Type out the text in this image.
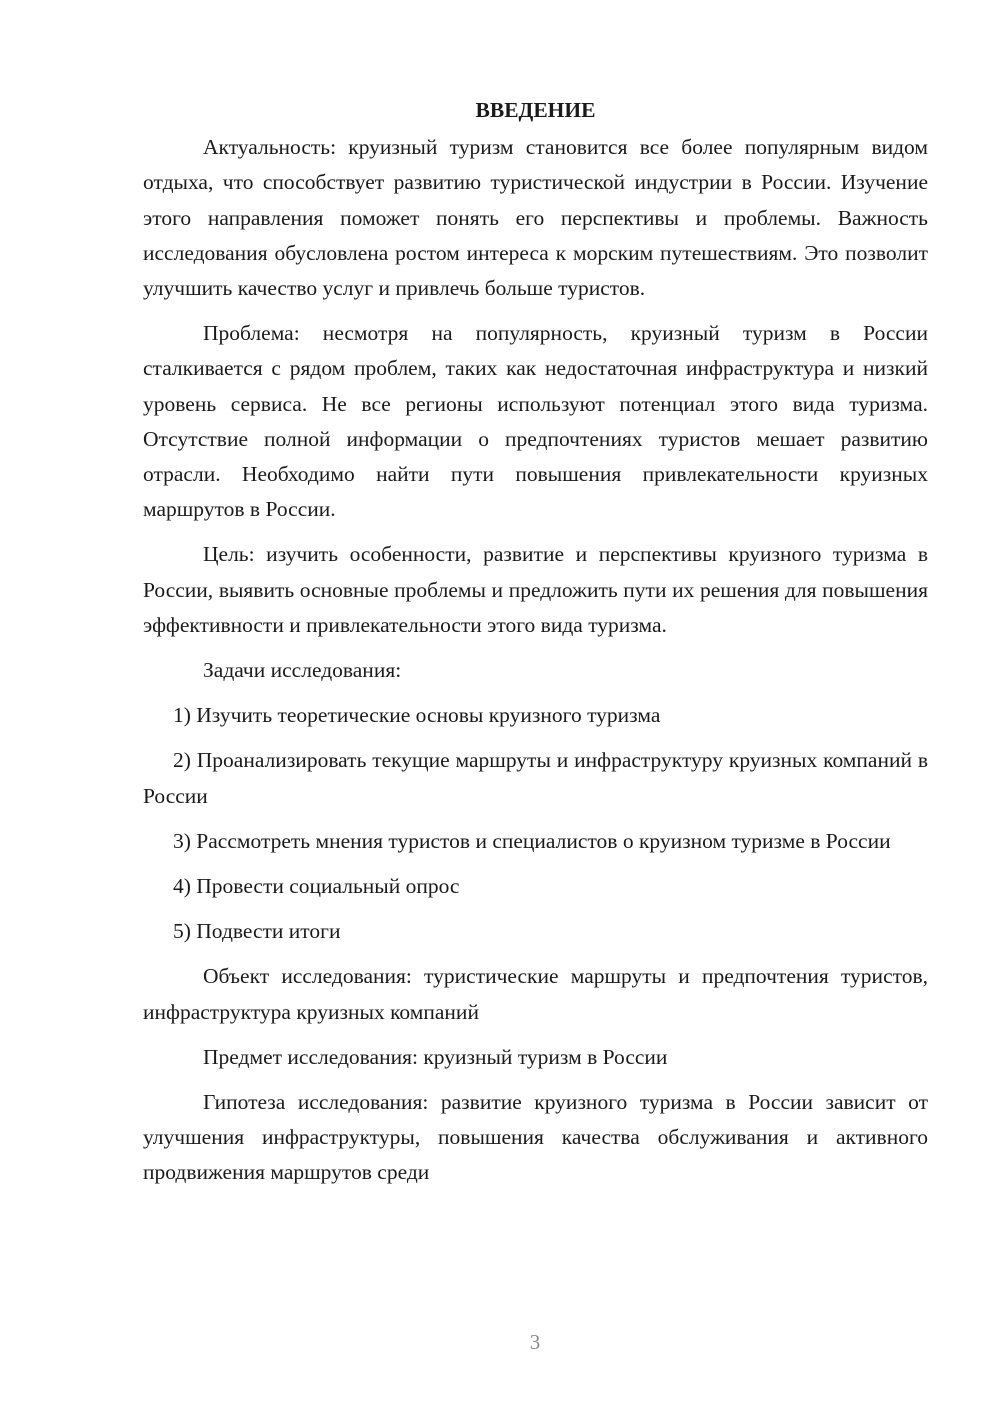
ВВЕДЕНИЕ

Актуальность: круизный туризм становится все более популярным видом отдыха, что способствует развитию туристической индустрии в России. Изучение этого направления поможет понять его перспективы и проблемы. Важность исследования обусловлена ростом интереса к морским путешествиям. Это позволит улучшить качество услуг и привлечь больше туристов.

Проблема: несмотря на популярность, круизный туризм в России сталкивается с рядом проблем, таких как недостаточная инфраструктура и низкий уровень сервиса. Не все регионы используют потенциал этого вида туризма. Отсутствие полной информации о предпочтениях туристов мешает развитию отрасли. Необходимо найти пути повышения привлекательности круизных маршрутов в России.

Цель: изучить особенности, развитие и перспективы круизного туризма в России, выявить основные проблемы и предложить пути их решения для повышения эффективности и привлекательности этого вида туризма.

Задачи исследования:

1) Изучить теоретические основы круизного туризма

2) Проанализировать текущие маршруты и инфраструктуру круизных компаний в России

3) Рассмотреть мнения туристов и специалистов о круизном туризме в России

4) Провести социальный опрос

5) Подвести итоги

Объект исследования: туристические маршруты и предпочтения туристов, инфраструктура круизных компаний

Предмет исследования: круизный туризм в России

Гипотеза исследования: развитие круизного туризма в России зависит от улучшения инфраструктуры, повышения качества обслуживания и активного продвижения маршрутов среди

3
